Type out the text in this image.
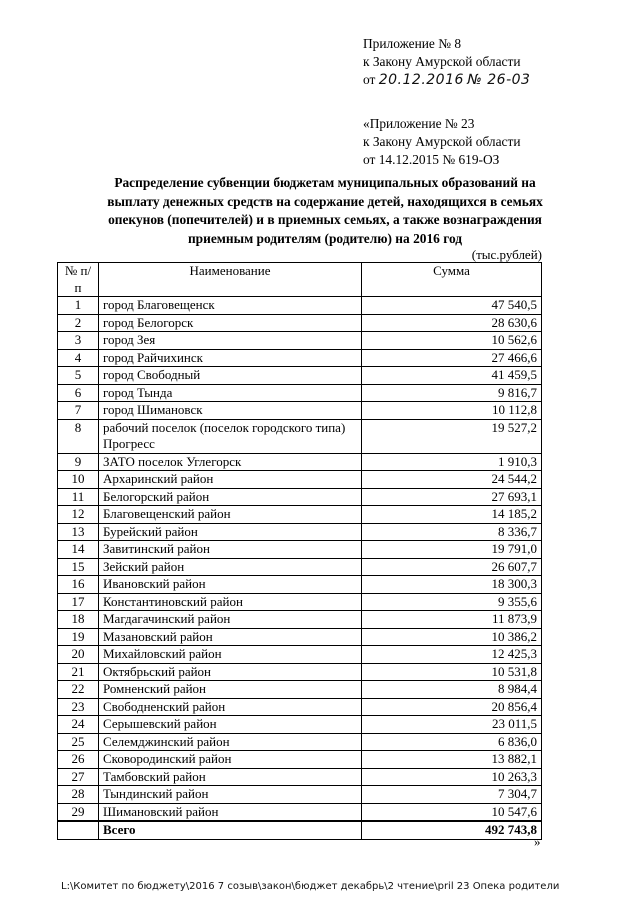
Приложение № 8
к Закону Амурской области
от 20.12.2016 № 26-03
«Приложение № 23
к Закону Амурской области
от 14.12.2015 № 619-ОЗ
Распределение субвенции бюджетам муниципальных образований на
выплату денежных средств на содержание детей, находящихся в семьях
опекунов (попечителей) и в приемных семьях, а также вознаграждения
приемным родителям (родителю) на 2016 год
(тыс.рублей)
№ п/п	Наименование	Сумма
1	город Благовещенск	47 540,5
2	город Белогорск	28 630,6
3	город Зея	10 562,6
4	город Райчихинск	27 466,6
5	город Свободный	41 459,5
6	город Тында	9 816,7
7	город Шимановск	10 112,8
8	рабочий поселок (поселок городского типа) Прогресс	19 527,2
9	ЗАТО поселок Углегорск	1 910,3
10	Архаринский район	24 544,2
11	Белогорский район	27 693,1
12	Благовещенский район	14 185,2
13	Бурейский район	8 336,7
14	Завитинский район	19 791,0
15	Зейский район	26 607,7
16	Ивановский район	18 300,3
17	Константиновский район	9 355,6
18	Магдагачинский район	11 873,9
19	Мазановский район	10 386,2
20	Михайловский район	12 425,3
21	Октябрьский район	10 531,8
22	Ромненский район	8 984,4
23	Свободненский район	20 856,4
24	Серышевский район	23 011,5
25	Селемджинский район	6 836,0
26	Сковородинский район	13 882,1
27	Тамбовский район	10 263,3
28	Тындинский район	7 304,7
29	Шимановский район	10 547,6
	Всего	492 743,8
»
L:\Комитет по бюджету\2016 7 созыв\закон\бюджет декабрь\2 чтение\pril 23 Опека родители
